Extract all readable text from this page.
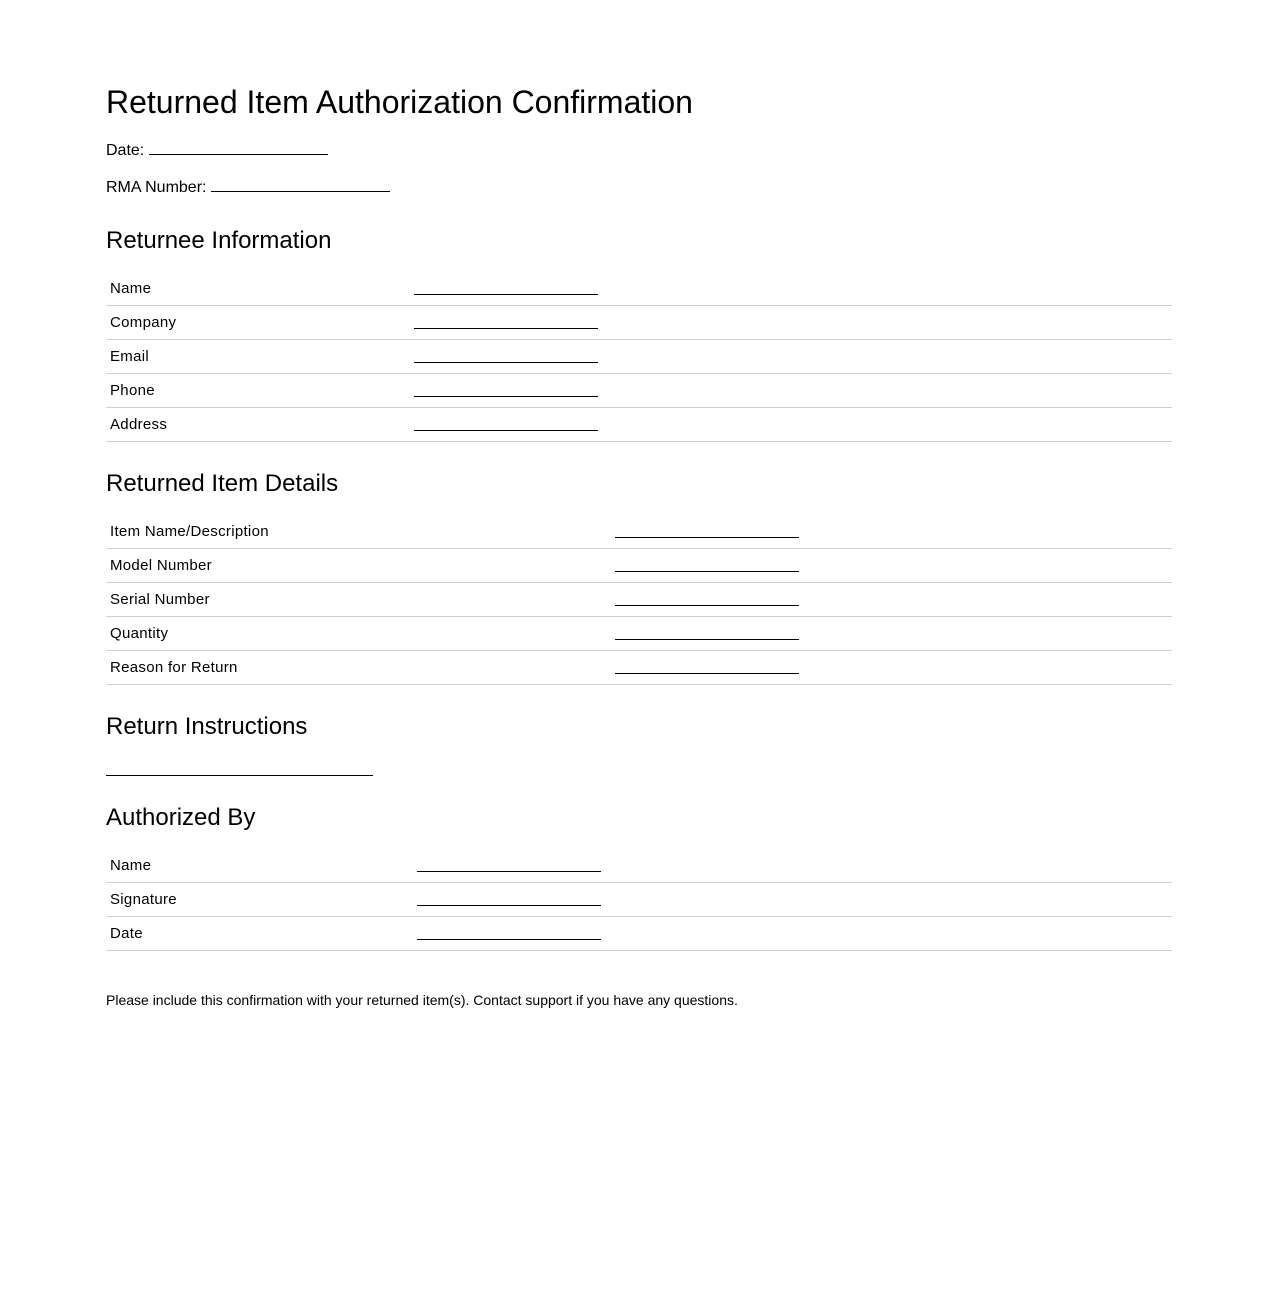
Returned Item Authorization Confirmation

Date:

RMA Number:

Returnee Information
Name	
Company	
Email	
Phone	
Address	
Returned Item Details
Item Name/Description	
Model Number	
Serial Number	
Quantity	
Reason for Return	
Return Instructions
Authorized By
Name	
Signature	
Date	

Please include this confirmation with your returned item(s). Contact support if you have any questions.
